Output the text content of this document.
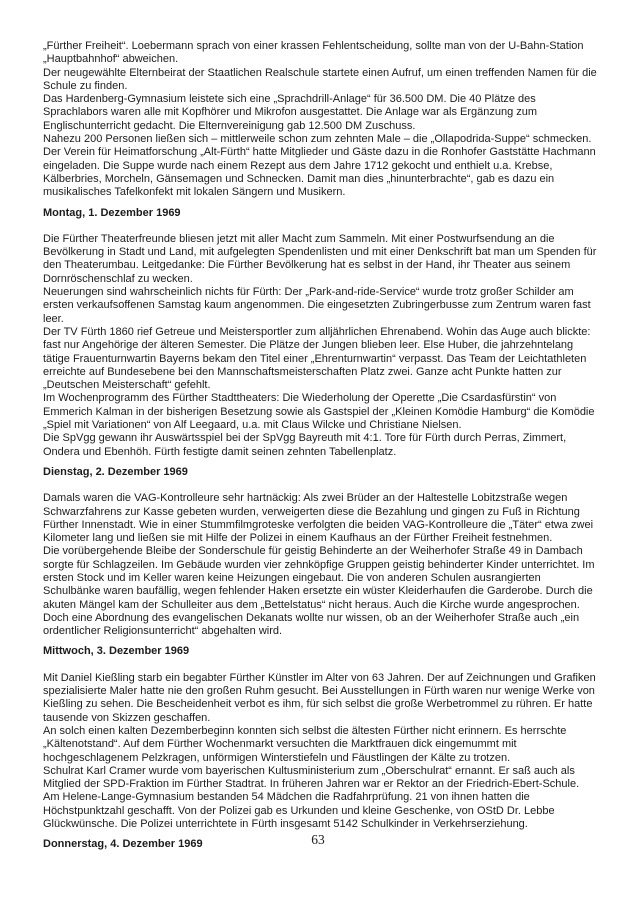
„Fürther Freiheit“. Loebermann sprach von einer krassen Fehlentscheidung, sollte man von der U-Bahn-Station „Hauptbahnhof“ abweichen.

Der neugewählte Elternbeirat der Staatlichen Realschule startete einen Aufruf, um einen treffenden Namen für die Schule zu finden.

Das Hardenberg-Gymnasium leistete sich eine „Sprachdrill-Anlage“ für 36.500 DM. Die 40 Plätze des Sprachlabors waren alle mit Kopfhörer und Mikrofon ausgestattet. Die Anlage war als Ergänzung zum Englischunterricht gedacht. Die Elternvereinigung gab 12.500 DM Zuschuss.

Nahezu 200 Personen ließen sich – mittlerweile schon zum zehnten Male – die „Ollapodrida-Suppe“ schmecken. Der Verein für Heimatforschung „Alt-Fürth“ hatte Mitglieder und Gäste dazu in die Ronhofer Gaststätte Hachmann eingeladen. Die Suppe wurde nach einem Rezept aus dem Jahre 1712 gekocht und enthielt u.a. Krebse, Kälberbries, Morcheln, Gänsemagen und Schnecken. Damit man dies „hinunterbrachte“, gab es dazu ein musikalisches Tafelkonfekt mit lokalen Sängern und Musikern.

Montag, 1. Dezember 1969

Die Fürther Theaterfreunde bliesen jetzt mit aller Macht zum Sammeln. Mit einer Postwurfsendung an die Bevölkerung in Stadt und Land, mit aufgelegten Spendenlisten und mit einer Denkschrift bat man um Spenden für den Theaterumbau. Leitgedanke: Die Fürther Bevölkerung hat es selbst in der Hand, ihr Theater aus seinem Dornröschenschlaf zu wecken.

Neuerungen sind wahrscheinlich nichts für Fürth: Der „Park-and-ride-Service“ wurde trotz großer Schilder am ersten verkaufsoffenen Samstag kaum angenommen. Die eingesetzten Zubringerbusse zum Zentrum waren fast leer.

Der TV Fürth 1860 rief Getreue und Meistersportler zum alljährlichen Ehrenabend. Wohin das Auge auch blickte: fast nur Angehörige der älteren Semester. Die Plätze der Jungen blieben leer. Else Huber, die jahrzehntelang tätige Frauenturnwartin Bayerns bekam den Titel einer „Ehrenturnwartin“ verpasst. Das Team der Leichtathleten erreichte auf Bundesebene bei den Mannschaftsmeisterschaften Platz zwei. Ganze acht Punkte hatten zur „Deutschen Meisterschaft“ gefehlt.

Im Wochenprogramm des Fürther Stadttheaters: Die Wiederholung der Operette „Die Csardasfürstin“ von Emmerich Kalman in der bisherigen Besetzung sowie als Gastspiel der „Kleinen Komödie Hamburg“ die Komödie „Spiel mit Variationen“ von Alf Leegaard, u.a. mit Claus Wilcke und Christiane Nielsen.

Die SpVgg gewann ihr Auswärtsspiel bei der SpVgg Bayreuth mit 4:1. Tore für Fürth durch Perras, Zimmert, Ondera und Ebenhöh. Fürth festigte damit seinen zehnten Tabellenplatz.

Dienstag, 2. Dezember 1969

Damals waren die VAG-Kontrolleure sehr hartnäckig: Als zwei Brüder an der Haltestelle Lobitzstraße wegen Schwarzfahrens zur Kasse gebeten wurden, verweigerten diese die Bezahlung und gingen zu Fuß in Richtung Fürther Innenstadt. Wie in einer Stummfilmgroteske verfolgten die beiden VAG-Kontrolleure die „Täter“ etwa zwei Kilometer lang und ließen sie mit Hilfe der Polizei in einem Kaufhaus an der Fürther Freiheit festnehmen.

Die vorübergehende Bleibe der Sonderschule für geistig Behinderte an der Weiherhofer Straße 49 in Dambach sorgte für Schlagzeilen. Im Gebäude wurden vier zehnköpfige Gruppen geistig behinderter Kinder unterrichtet. Im ersten Stock und im Keller waren keine Heizungen eingebaut. Die von anderen Schulen ausrangierten Schulbänke waren baufällig, wegen fehlender Haken ersetzte ein wüster Kleiderhaufen die Garderobe. Durch die akuten Mängel kam der Schulleiter aus dem „Bettelstatus“ nicht heraus. Auch die Kirche wurde angesprochen. Doch eine Abordnung des evangelischen Dekanats wollte nur wissen, ob an der Weiherhofer Straße auch „ein ordentlicher Religionsunterricht“ abgehalten wird.

Mittwoch, 3. Dezember 1969

Mit Daniel Kießling starb ein begabter Fürther Künstler im Alter von 63 Jahren. Der auf Zeichnungen und Grafiken spezialisierte Maler hatte nie den großen Ruhm gesucht. Bei Ausstellungen in Fürth waren nur wenige Werke von Kießling zu sehen. Die Bescheidenheit verbot es ihm, für sich selbst die große Werbetrommel zu rühren. Er hatte tausende von Skizzen geschaffen.

An solch einen kalten Dezemberbeginn konnten sich selbst die ältesten Fürther nicht erinnern. Es herrschte „Kältenotstand“. Auf dem Fürther Wochenmarkt versuchten die Marktfrauen dick eingemummt mit hochgeschlagenem Pelzkragen, unförmigen Winterstiefeln und Fäustlingen der Kälte zu trotzen.

Schulrat Karl Cramer wurde vom bayerischen Kultusministerium zum „Oberschulrat“ ernannt. Er saß auch als Mitglied der SPD-Fraktion im Fürther Stadtrat. In früheren Jahren war er Rektor an der Friedrich-Ebert-Schule.

Am Helene-Lange-Gymnasium bestanden 54 Mädchen die Radfahrprüfung. 21 von ihnen hatten die Höchstpunktzahl geschafft. Von der Polizei gab es Urkunden und kleine Geschenke, von OStD Dr. Lebbe Glückwünsche. Die Polizei unterrichtete in Fürth insgesamt 5142 Schulkinder in Verkehrserziehung.

Donnerstag, 4. Dezember 1969	63
